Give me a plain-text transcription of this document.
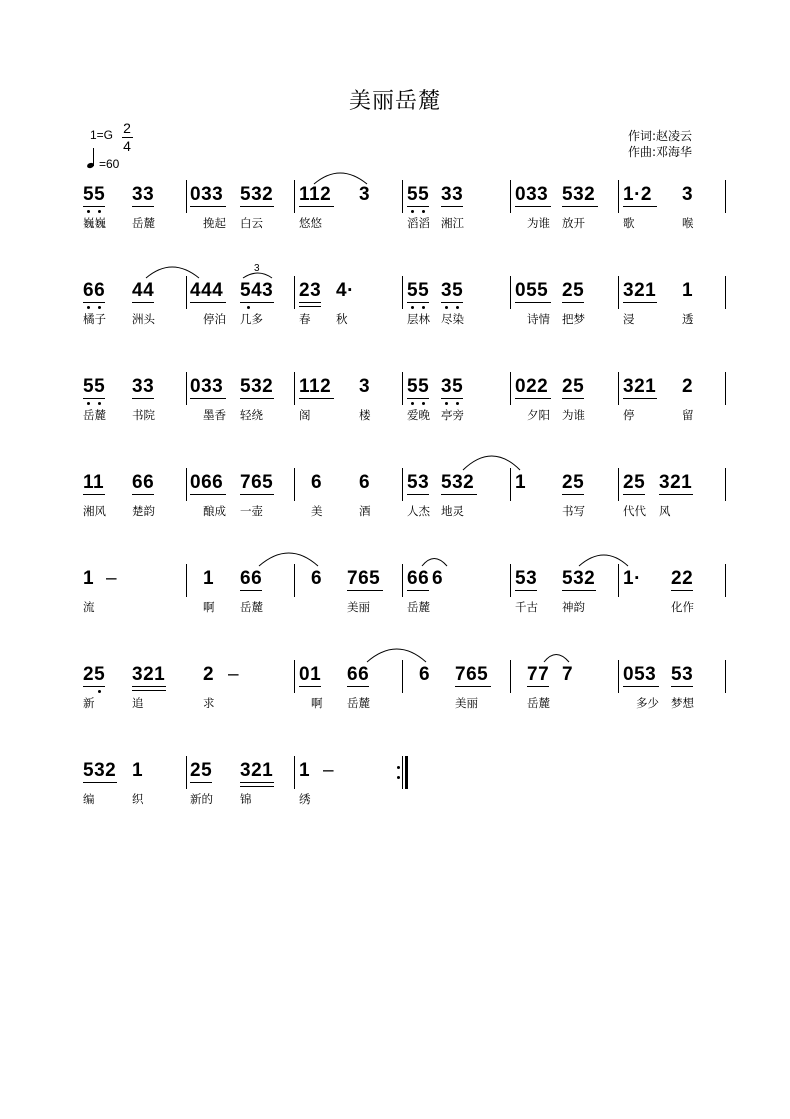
美丽岳麓
1=G 2
4
=60
作词:赵凌云
作曲:邓海华
55 33 033 532 112 3 55 33	033 532 1·2 3
巍巍 岳麓	挽起 白云	悠悠	滔滔 湘江	为谁 放开	歌	喉
66 44 444 543 23 4·	55 35	055 25 321 1
3
橘子 洲头	停泊 几多	春 秋	层林 尽染	诗情 把梦	浸	透
55 33 033 532 112 3 55 35	022 25 321 2
岳麓 书院	墨香 轻绕	阁	楼	爱晚 亭旁	夕阳 为谁	停	留
11 66 066 765 6 6 53 532 1 25 25 321
湘风 楚韵	酿成 一壶	美	酒	人杰 地灵	书写	代代 风
1 –	1 66	6 765 66 6	53 532 1· 22
流	啊 岳麓	美丽	岳麓	千古 神韵	化作
25 321 2 –	01 66	6 765 77 7	053 53
新	追	求	啊 岳麓	美丽	岳麓	多少 梦想
532 1 25 321 1 –
编	织	新的 锦	绣
